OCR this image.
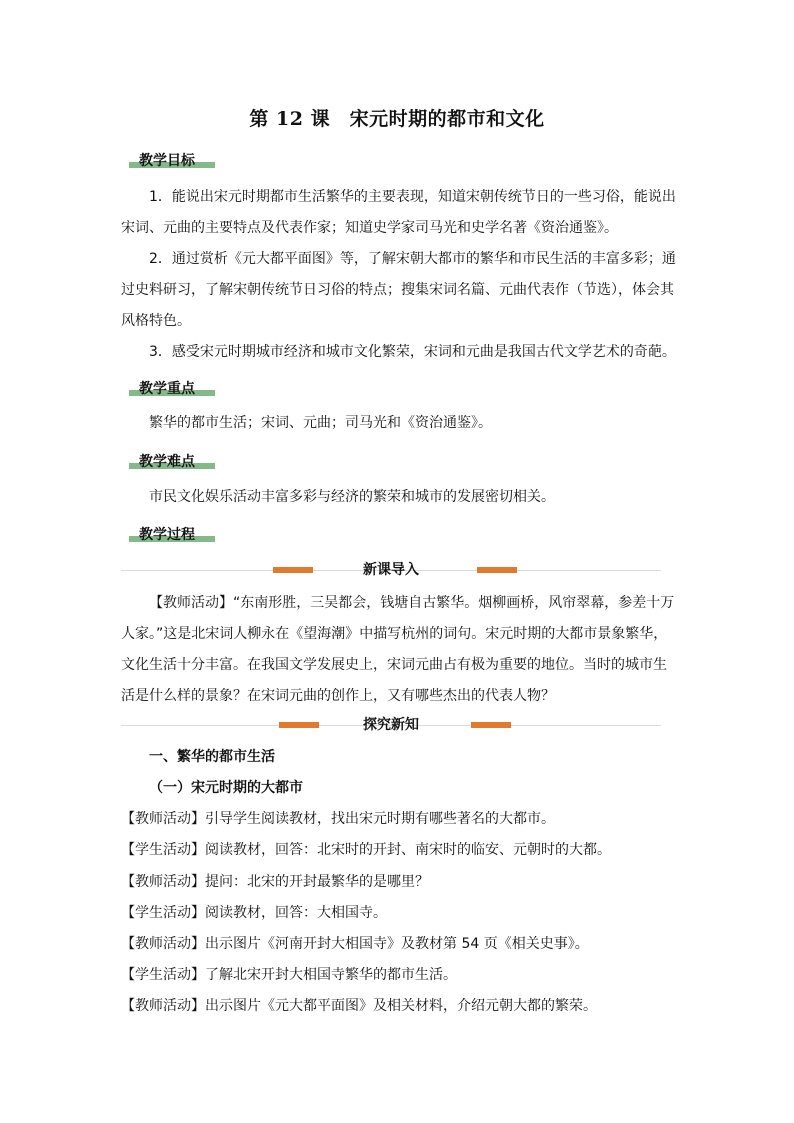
第 12 课　宋元时期的都市和文化
教学目标

1．能说出宋元时期都市生活繁华的主要表现，知道宋朝传统节日的一些习俗，能说出宋词、元曲的主要特点及代表作家；知道史学家司马光和史学名著《资治通鉴》。

2．通过赏析《元大都平面图》等，了解宋朝大都市的繁华和市民生活的丰富多彩；通过史料研习，了解宋朝传统节日习俗的特点；搜集宋词名篇、元曲代表作（节选），体会其风格特色。

3．感受宋元时期城市经济和城市文化繁荣，宋词和元曲是我国古代文学艺术的奇葩。

教学重点

繁华的都市生活；宋词、元曲；司马光和《资治通鉴》。

教学难点

市民文化娱乐活动丰富多彩与经济的繁荣和城市的发展密切相关。

教学过程
新课导入

【教师活动】“东南形胜，三吴都会，钱塘自古繁华。烟柳画桥，风帘翠幕，参差十万人家。”这是北宋词人柳永在《望海潮》中描写杭州的词句。宋元时期的大都市景象繁华，文化生活十分丰富。在我国文学发展史上，宋词元曲占有极为重要的地位。当时的城市生活是什么样的景象？在宋词元曲的创作上，又有哪些杰出的代表人物？

探究新知
一、繁华的都市生活
（一）宋元时期的大都市
【教师活动】引导学生阅读教材，找出宋元时期有哪些著名的大都市。
【学生活动】阅读教材，回答：北宋时的开封、南宋时的临安、元朝时的大都。
【教师活动】提问：北宋的开封最繁华的是哪里？
【学生活动】阅读教材，回答：大相国寺。
【教师活动】出示图片《河南开封大相国寺》及教材第 54 页《相关史事》。
【学生活动】了解北宋开封大相国寺繁华的都市生活。
【教师活动】出示图片《元大都平面图》及相关材料，介绍元朝大都的繁荣。
